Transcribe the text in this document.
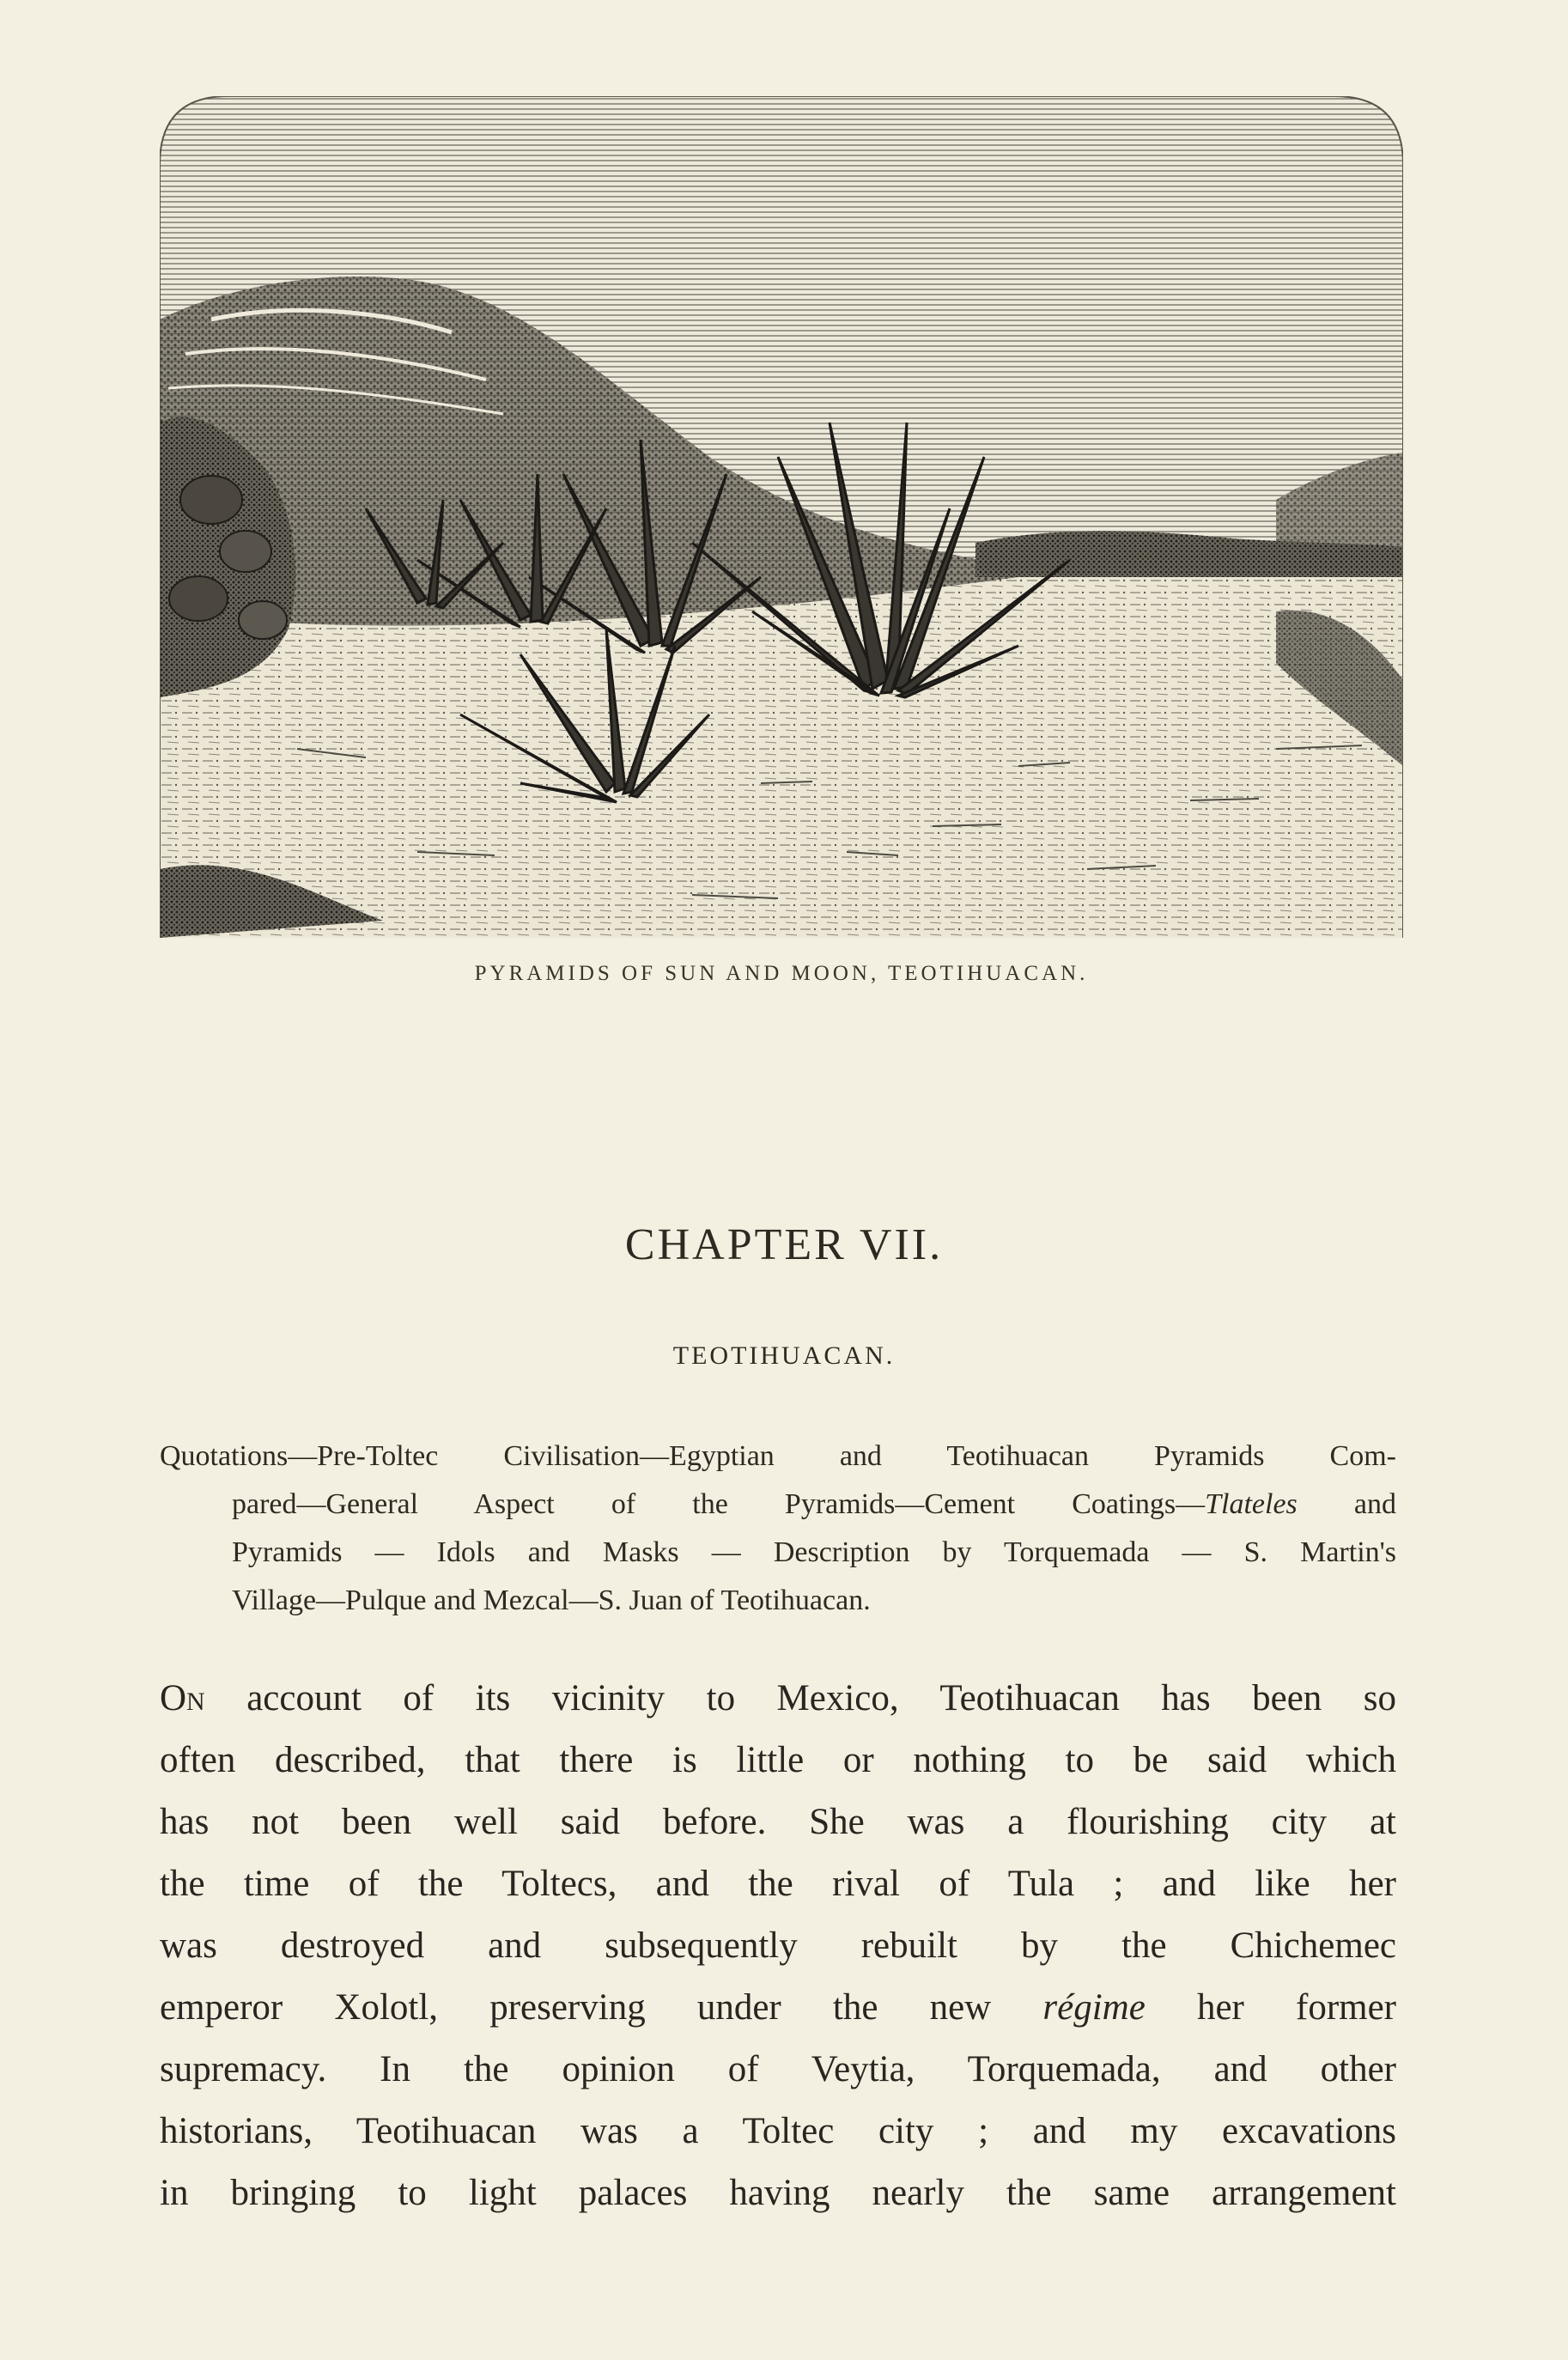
PYRAMIDS OF SUN AND MOON, TEOTIHUACAN.
CHAPTER VII.
TEOTIHUACAN.
Quotations—Pre-Toltec Civilisation—Egyptian and Teotihuacan Pyramids Com-
pared—General Aspect of the Pyramids—Cement Coatings—Tlateles and
Pyramids — Idols and Masks — Description by Torquemada — S. Martin's
Village—Pulque and Mezcal—S. Juan of Teotihuacan.
On account of its vicinity to Mexico, Teotihuacan has been so
often described, that there is little or nothing to be said which
has not been well said before. She was a flourishing city at
the time of the Toltecs, and the rival of Tula ; and like her
was destroyed and subsequently rebuilt by the Chichemec
emperor Xolotl, preserving under the new régime her former
supremacy. In the opinion of Veytia, Torquemada, and other
historians, Teotihuacan was a Toltec city ; and my excavations
in bringing to light palaces having nearly the same arrangement
